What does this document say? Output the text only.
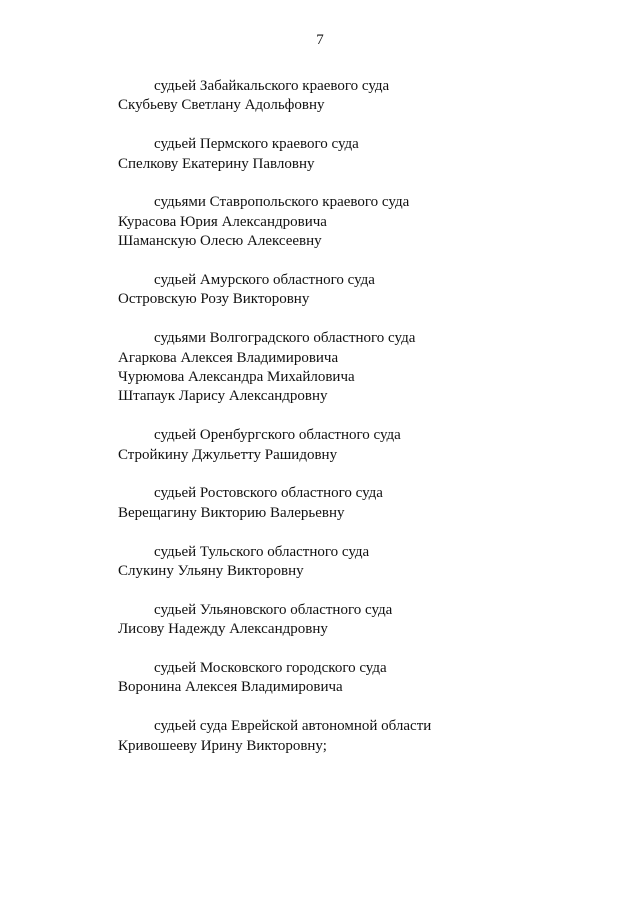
7
судьей Забайкальского краевого суда
Скубьеву Светлану Адольфовну
судьей Пермского краевого суда
Спелкову Екатерину Павловну
судьями Ставропольского краевого суда
Курасова Юрия Александровича
Шаманскую Олесю Алексеевну
судьей Амурского областного суда
Островскую Розу Викторовну
судьями Волгоградского областного суда
Агаркова Алексея Владимировича
Чурюмова Александра Михайловича
Штапаук Ларису Александровну
судьей Оренбургского областного суда
Стройкину Джульетту Рашидовну
судьей Ростовского областного суда
Верещагину Викторию Валерьевну
судьей Тульского областного суда
Слукину Ульяну Викторовну
судьей Ульяновского областного суда
Лисову Надежду Александровну
судьей Московского городского суда
Воронина Алексея Владимировича
судьей суда Еврейской автономной области
Кривошееву Ирину Викторовну;
